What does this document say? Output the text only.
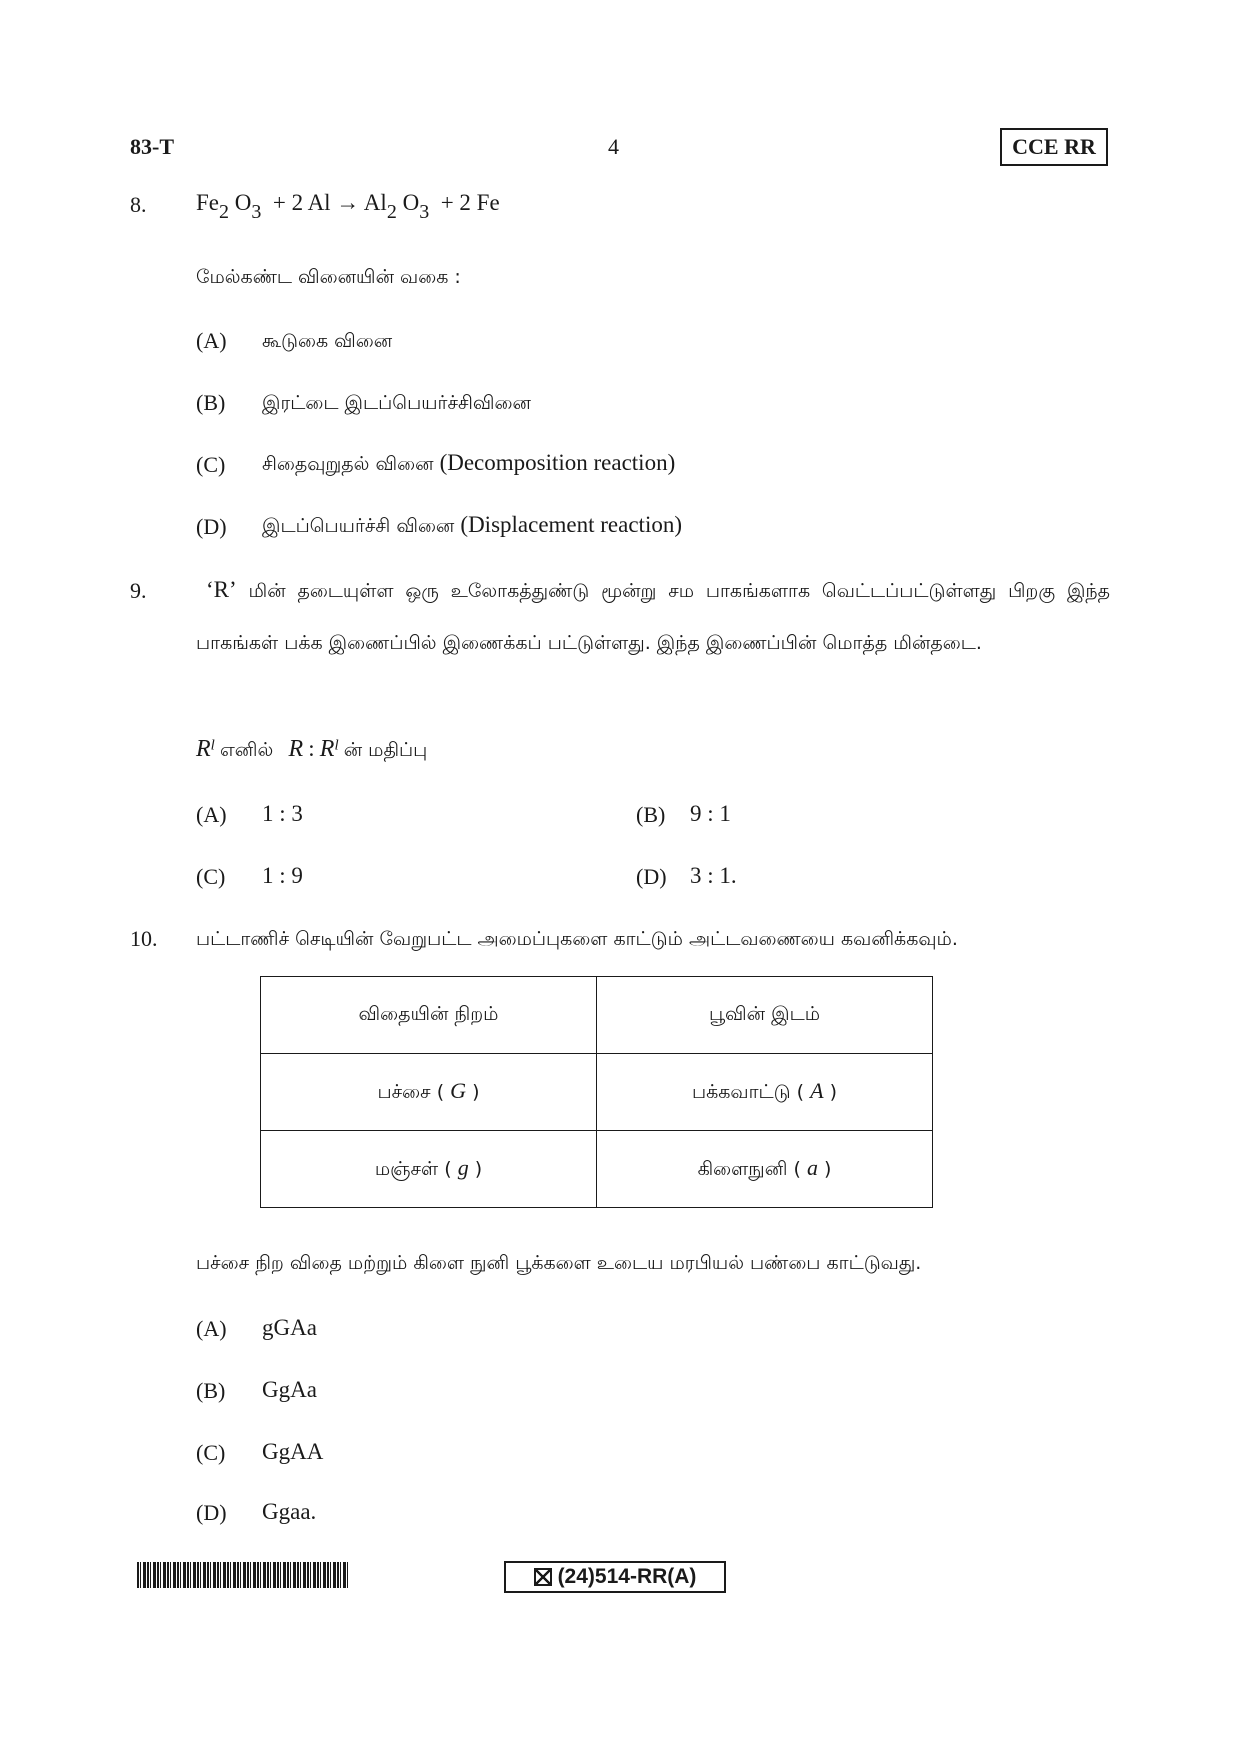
83-T	4	CCE RR
8. $Fe_2$ $O_3 + 2$ $Al \to Al_2$ $O_3 + 2$ Fe
மேல்கண்ட வினையின் வகை :
(A) கூடுகை வினை
(B) இரட்டை இடப்பெயர்ச்சிவினை
(C) சிதைவுறுதல் வினை (Decomposition reaction)
(D) இடப்பெயர்ச்சி வினை (Displacement reaction)
9.	‘R’ மின் தடையுள்ள ஒரு உலோகத்துண்டு மூன்று சம பாகங்களாக வெட்டப்பட்டுள்ளது பிறகு இந்த பாகங்கள் பக்க இணைப்பில் இணைக்கப் பட்டுள்ளது. இந்த இணைப்பின் மொத்த மின்தடை.
$R^l$ எனில் R : $R^l$ ன் மதிப்பு
(A) 1 : 3	(B) 9 : 1
(C) 1 : 9	(D) 3 : 1.
10. பட்டாணிச் செடியின் வேறுபட்ட அமைப்புகளை காட்டும் அட்டவணையை கவனிக்கவும்.
விதையின் நிறம்	பூவின் இடம்
பச்சை ( G )	பக்கவாட்டு ( A )
மஞ்சள் ( g )	கிளைநுனி ( a )
பச்சை நிற விதை மற்றும் கிளை நுனி பூக்களை உடைய மரபியல் பண்பை காட்டுவது.
(A) gGAa
(B) GgAa
(C) GgAA
(D) Ggaa.
(24)514-RR(A)
